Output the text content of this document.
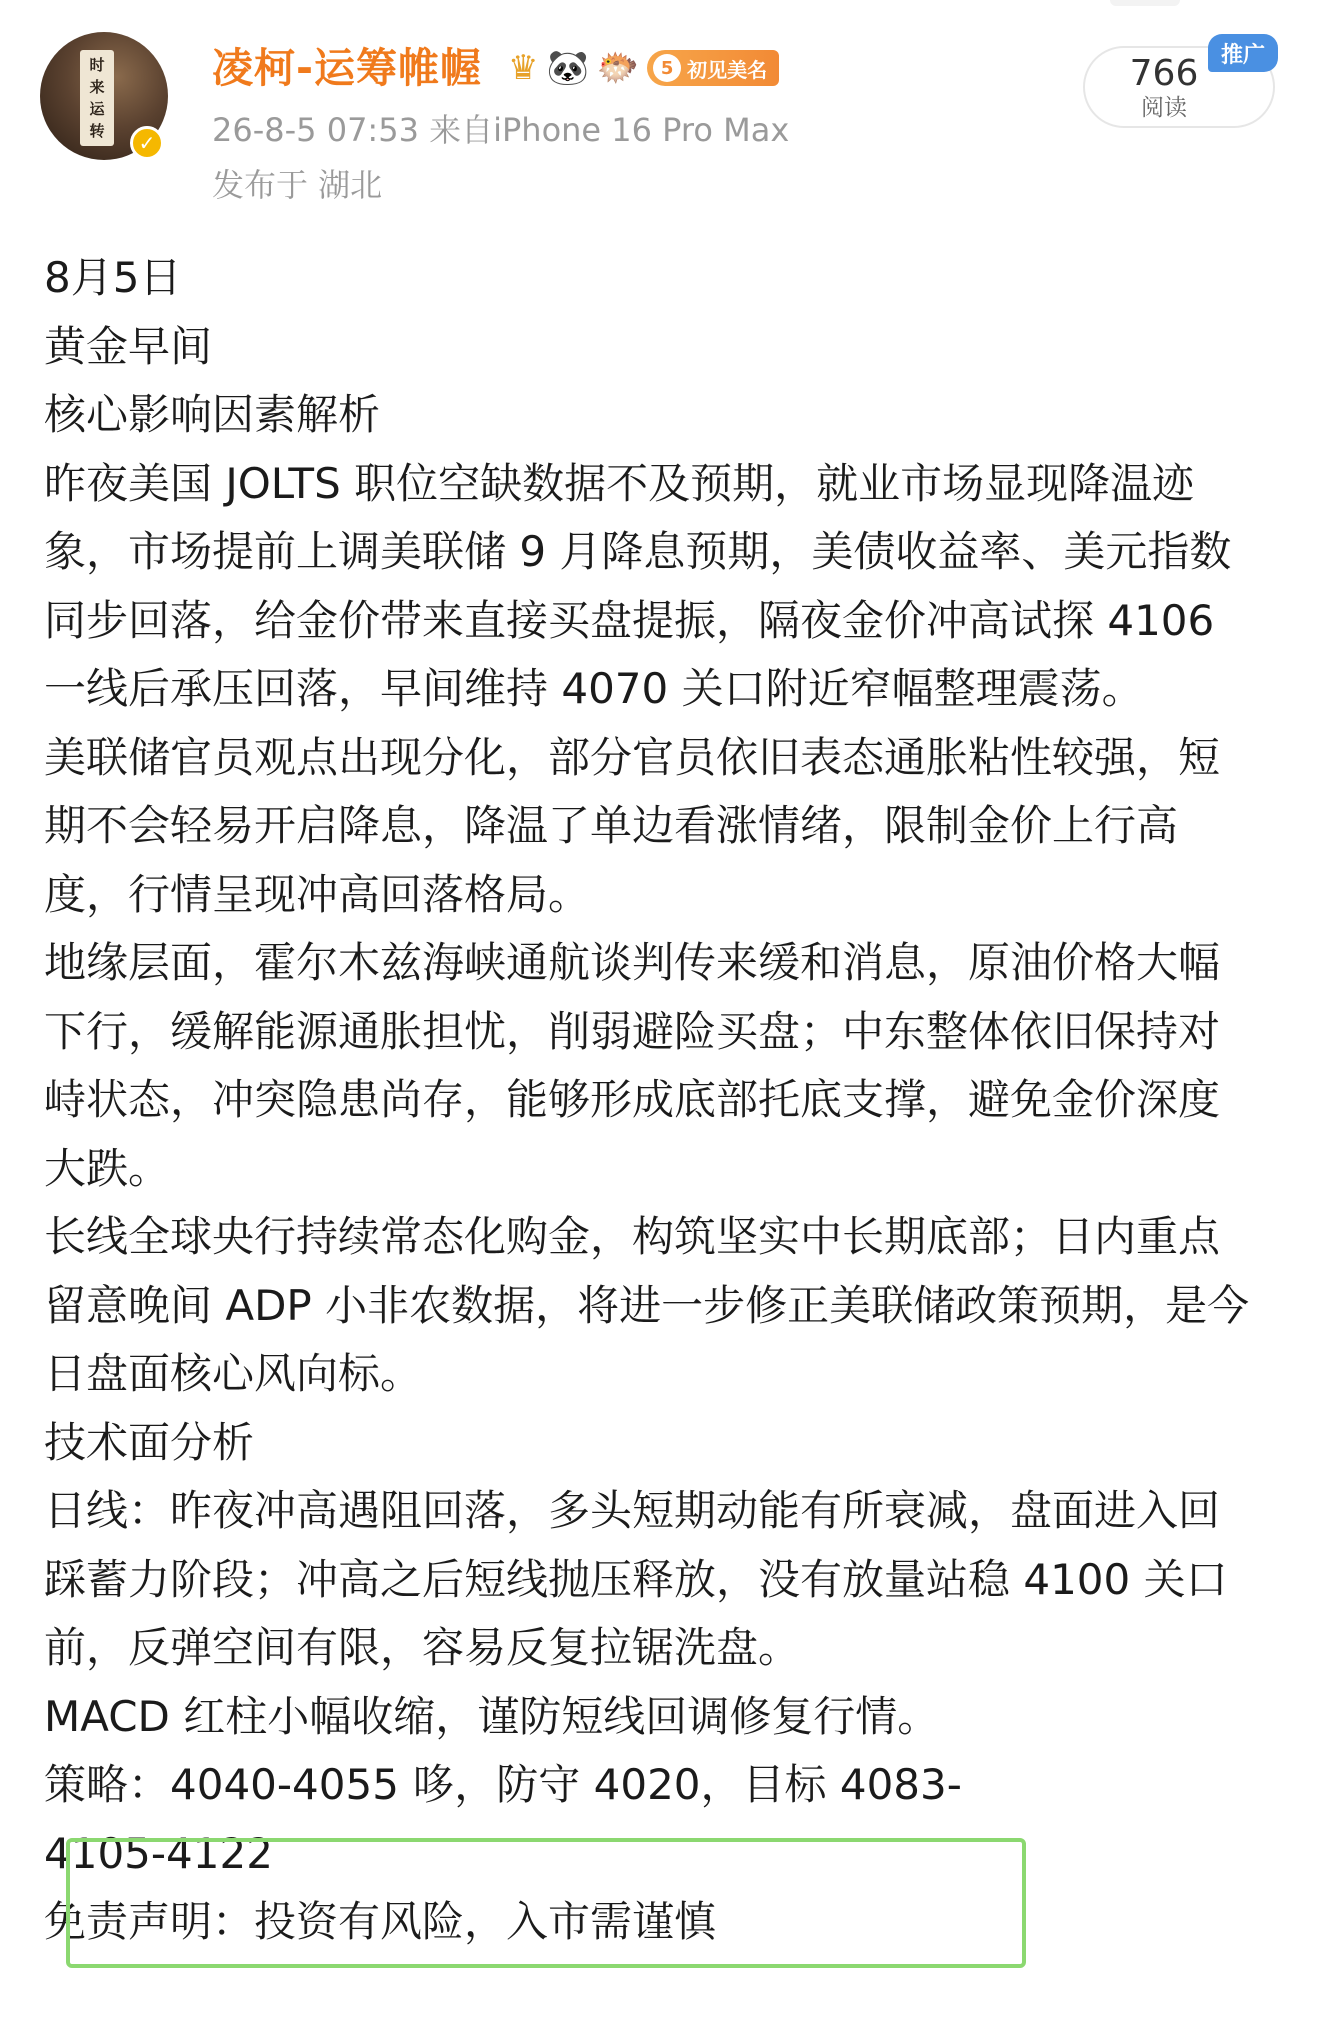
时
来
运
转
✓
凌柯-运筹帷幄 ♛ 🐼 🐡	5 初见美名
26-8-5 07:53 来自iPhone 16 Pro Max
发布于 湖北
766
阅读
推广

8月5日

黄金早间

核心影响因素解析

昨夜美国 JOLTS 职位空缺数据不及预期，就业市场显现降温迹象，市场提前上调美联储 9 月降息预期，美债收益率、美元指数同步回落，给金价带来直接买盘提振，隔夜金价冲高试探 4106 一线后承压回落，早间维持 4070 关口附近窄幅整理震荡。

美联储官员观点出现分化，部分官员依旧表态通胀粘性较强，短期不会轻易开启降息，降温了单边看涨情绪，限制金价上行高度，行情呈现冲高回落格局。

地缘层面，霍尔木兹海峡通航谈判传来缓和消息，原油价格大幅下行，缓解能源通胀担忧，削弱避险买盘；中东整体依旧保持对峙状态，冲突隐患尚存，能够形成底部托底支撑，避免金价深度大跌。

长线全球央行持续常态化购金，构筑坚实中长期底部；日内重点留意晚间 ADP 小非农数据，将进一步修正美联储政策预期，是今日盘面核心风向标。

技术面分析

日线：昨夜冲高遇阻回落，多头短期动能有所衰减，盘面进入回踩蓄力阶段；冲高之后短线抛压释放，没有放量站稳 4100 关口前，反弹空间有限，容易反复拉锯洗盘。

MACD 红柱小幅收缩，谨防短线回调修复行情。

策略：4040-4055 哆，防守 4020，目标 4083-4105-4122

免责声明：投资有风险，入市需谨慎
